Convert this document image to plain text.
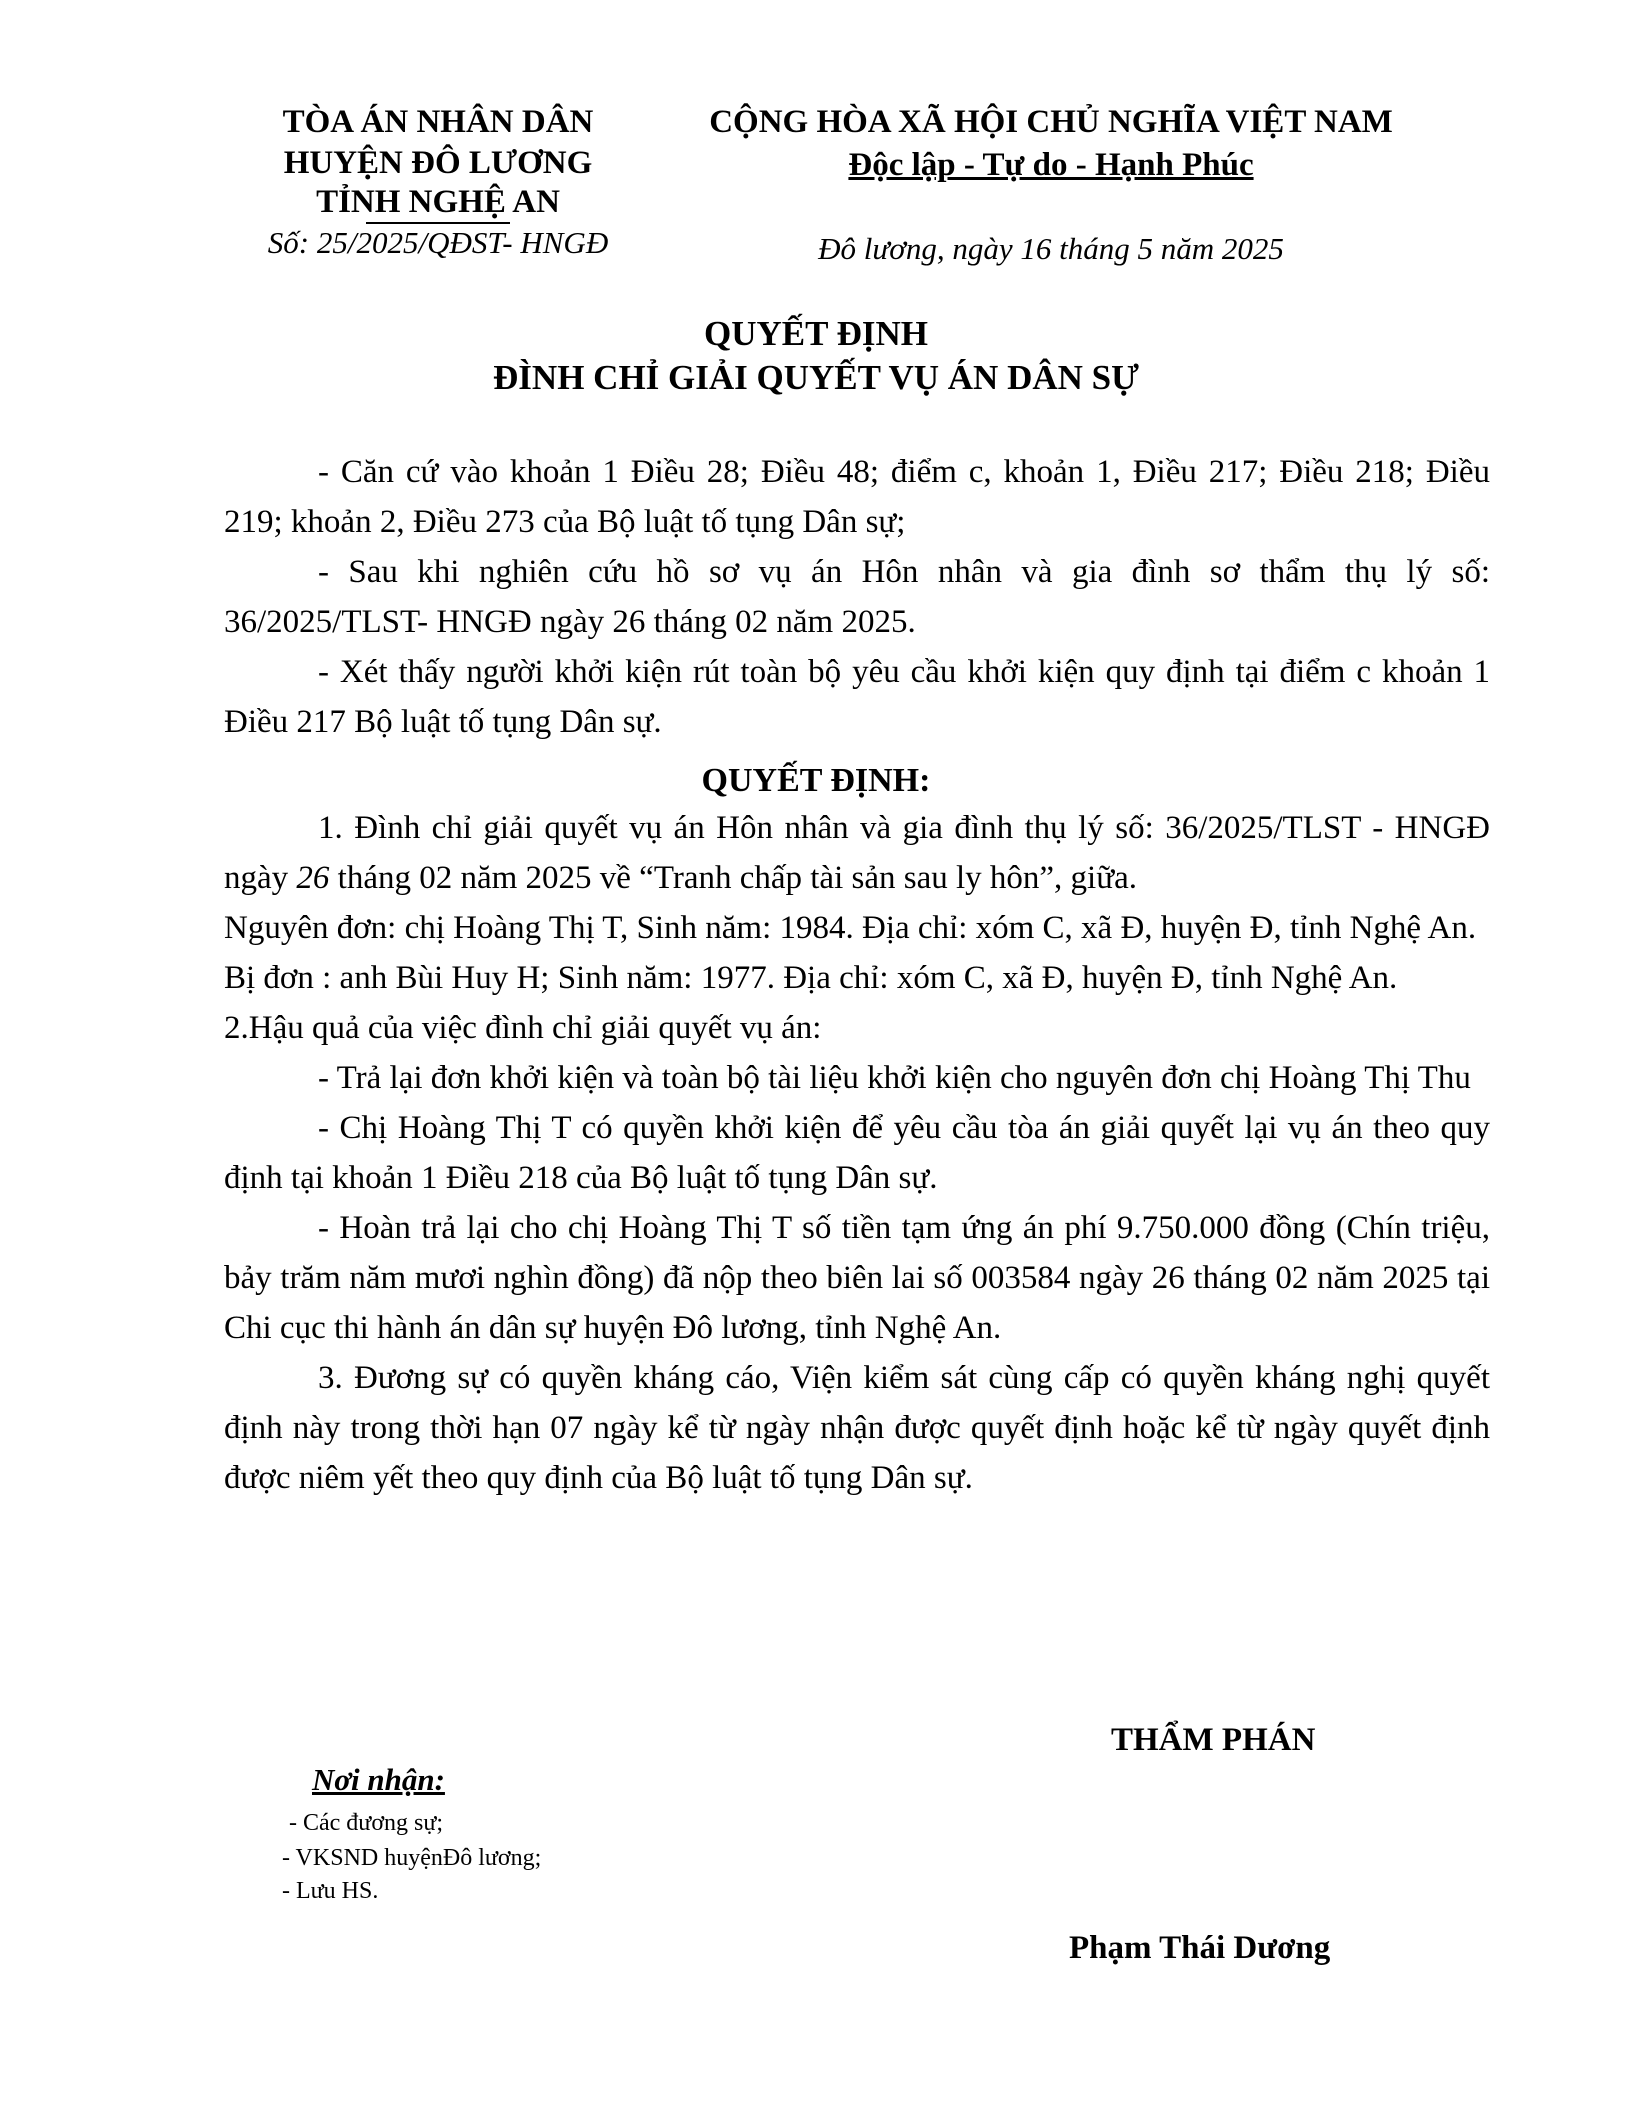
TÒA ÁN NHÂN DÂN
HUYỆN ĐÔ LƯƠNG
TỈNH NGHỆ AN
Số: 25/2025/QĐST- HNGĐ
CỘNG HÒA XÃ HỘI CHỦ NGHĨA VIỆT NAM
Độc lập - Tự do - Hạnh Phúc
Đô lương, ngày 16 tháng 5 năm 2025
QUYẾT ĐỊNH
ĐÌNH CHỈ GIẢI QUYẾT VỤ ÁN DÂN SỰ

- Căn cứ vào khoản 1 Điều 28; Điều 48; điểm c, khoản 1, Điều 217; Điều 218; Điều 219; khoản 2, Điều 273 của Bộ luật tố tụng Dân sự;

- Sau khi nghiên cứu hồ sơ vụ án Hôn nhân và gia đình sơ thẩm thụ lý số: 36/2025/TLST- HNGĐ ngày 26 tháng 02 năm 2025.

- Xét thấy người khởi kiện rút toàn bộ yêu cầu khởi kiện quy định tại điểm c khoản 1 Điều 217 Bộ luật tố tụng Dân sự.

QUYẾT ĐỊNH:

1. Đình chỉ giải quyết vụ án Hôn nhân và gia đình thụ lý số: 36/2025/TLST - HNGĐ ngày 26 tháng 02 năm 2025 về “Tranh chấp tài sản sau ly hôn”, giữa.

Nguyên đơn: chị Hoàng Thị T, Sinh năm: 1984. Địa chỉ: xóm C, xã Đ, huyện Đ, tỉnh Nghệ An.

Bị đơn : anh Bùi Huy H; Sinh năm: 1977. Địa chỉ: xóm C, xã Đ, huyện Đ, tỉnh Nghệ An.

2.Hậu quả của việc đình chỉ giải quyết vụ án:

- Trả lại đơn khởi kiện và toàn bộ tài liệu khởi kiện cho nguyên đơn chị Hoàng Thị Thu

- Chị Hoàng Thị T có quyền khởi kiện để yêu cầu tòa án giải quyết lại vụ án theo quy định tại khoản 1 Điều 218 của Bộ luật tố tụng Dân sự.

- Hoàn trả lại cho chị Hoàng Thị T số tiền tạm ứng án phí 9.750.000 đồng (Chín triệu, bảy trăm năm mươi nghìn đồng) đã nộp theo biên lai số 003584 ngày 26 tháng 02 năm 2025 tại Chi cục thi hành án dân sự huyện Đô lương, tỉnh Nghệ An.

3. Đương sự có quyền kháng cáo, Viện kiểm sát cùng cấp có quyền kháng nghị quyết định này trong thời hạn 07 ngày kể từ ngày nhận được quyết định hoặc kể từ ngày quyết định được niêm yết theo quy định của Bộ luật tố tụng Dân sự.

THẨM PHÁN
Nơi nhận:
- Các đương sự;
- VKSND huyệnĐô lương;
- Lưu HS.
Phạm Thái Dương
